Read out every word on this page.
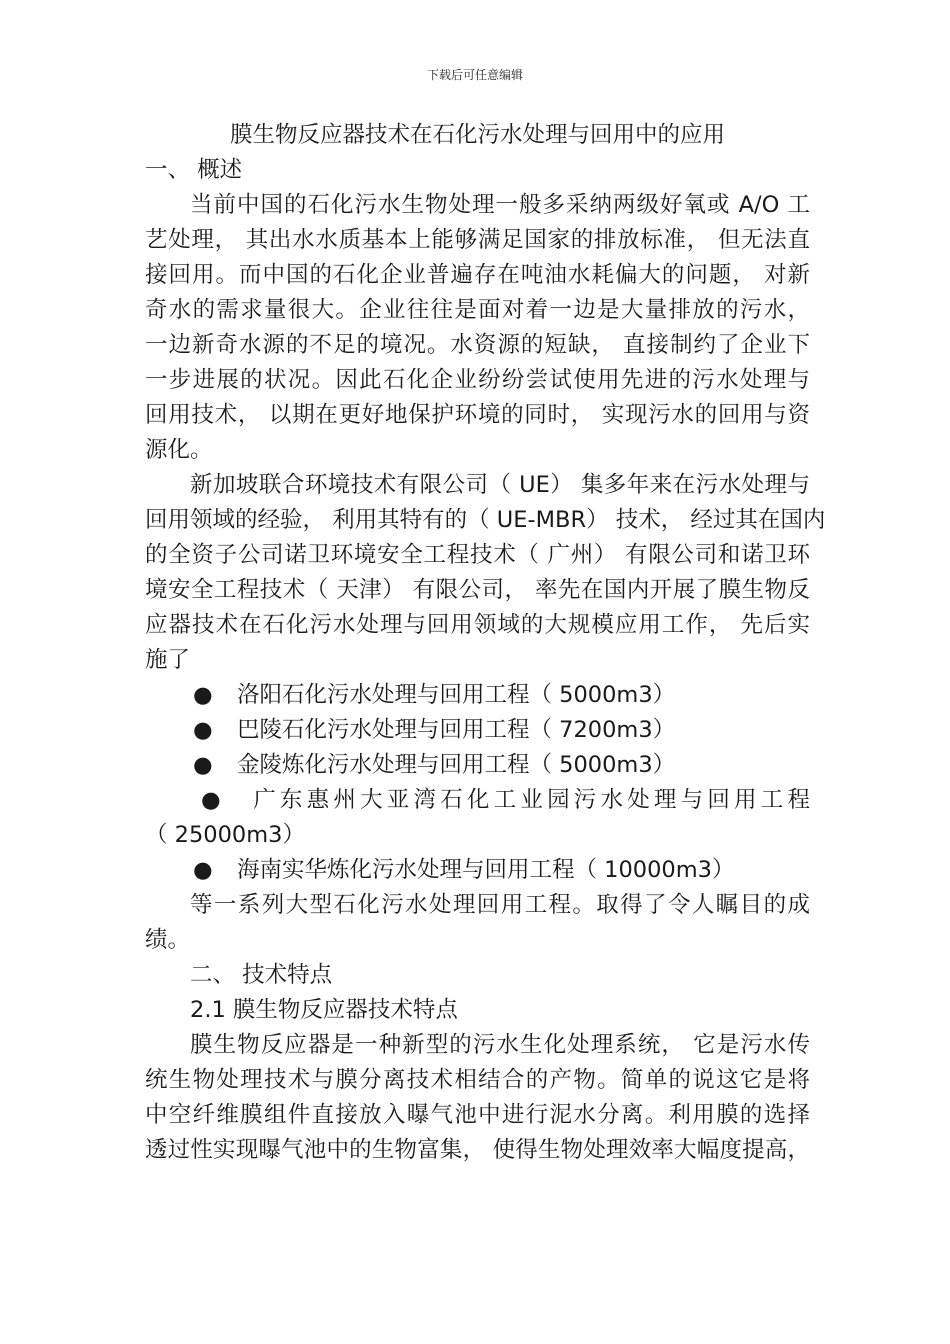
下载后可任意编辑
膜生物反应器技术在石化污水处理与回用中的应用
一、 概述
当前中国的石化污水生物处理一般多采纳两级好氧或 A/O 工
艺处理， 其出水水质基本上能够满足国家的排放标准， 但无法直
接回用。而中国的石化企业普遍存在吨油水耗偏大的问题， 对新
奇水的需求量很大。企业往往是面对着一边是大量排放的污水，
一边新奇水源的不足的境况。水资源的短缺， 直接制约了企业下
一步进展的状况。因此石化企业纷纷尝试使用先进的污水处理与
回用技术， 以期在更好地保护环境的同时， 实现污水的回用与资
源化。
新加坡联合环境技术有限公司（ UE） 集多年来在污水处理与
回用领域的经验， 利用其特有的（ UE-MBR） 技术， 经过其在国内
的全资子公司诺卫环境安全工程技术（ 广州） 有限公司和诺卫环
境安全工程技术（ 天津） 有限公司， 率先在国内开展了膜生物反
应器技术在石化污水处理与回用领域的大规模应用工作， 先后实
施了
● 洛阳石化污水处理与回用工程（ 5000m3）
● 巴陵石化污水处理与回用工程（ 7200m3）
● 金陵炼化污水处理与回用工程（ 5000m3）
● 广东惠州大亚湾石化工业园污水处理与回用工程
（ 25000m3）
● 海南实华炼化污水处理与回用工程（ 10000m3）
等一系列大型石化污水处理回用工程。取得了令人瞩目的成
绩。
二、 技术特点
2.1 膜生物反应器技术特点
膜生物反应器是一种新型的污水生化处理系统， 它是污水传
统生物处理技术与膜分离技术相结合的产物。简单的说这它是将
中空纤维膜组件直接放入曝气池中进行泥水分离。利用膜的选择
透过性实现曝气池中的生物富集， 使得生物处理效率大幅度提高，
